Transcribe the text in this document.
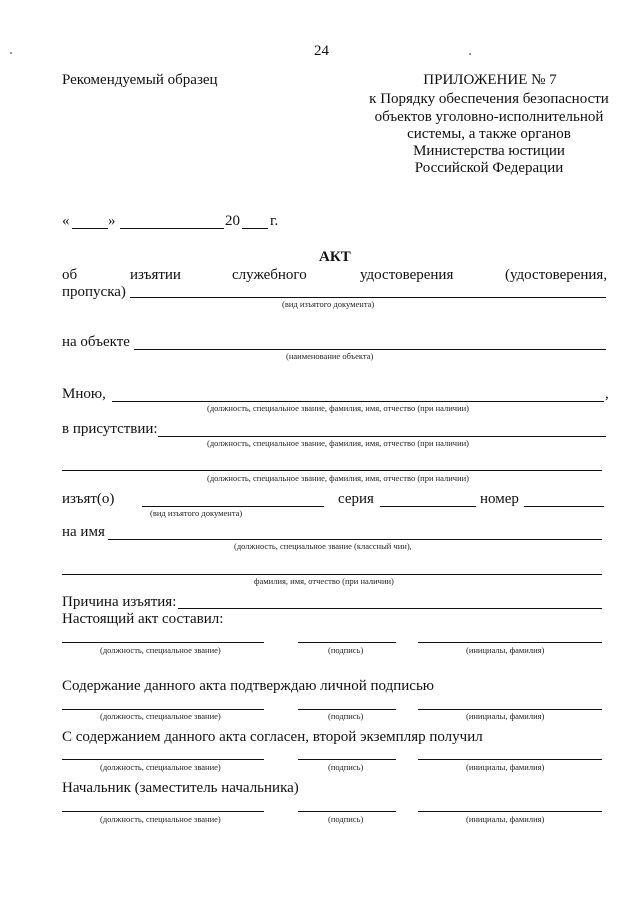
24
Рекомендуемый образец	ПРИЛОЖЕНИЕ № 7
к Порядку обеспечения безопасности
объектов уголовно-исполнительной
системы, а также органов
Министерства юстиции
Российской Федерации
«	»	20 г.
АКТ
об	изъятии	служебного	удостоверения	(удостоверения,
пропуска)
(вид изъятого документа)
на объекте
(наименование объекта)
Мною,	,
(должность, специальное звание, фамилия, имя, отчество (при наличии)
в присутствии:
(должность, специальное звание, фамилия, имя, отчество (при наличии)
(должность, специальное звание, фамилия, имя, отчество (при наличии)
изъят(о)
(вид изъятого документа)
серия	номер
на имя
(должность, специальное звание (классный чин),
фамилия, имя, отчество (при наличии)
Причина изъятия:
Настоящий акт составил:
(должность, специальное звание)	(подпись)	(инициалы, фамилия)
Содержание данного акта подтверждаю личной подписью
(должность, специальное звание)	(подпись)	(инициалы, фамилия)
С содержанием данного акта согласен, второй экземпляр получил
(должность, специальное звание)	(подпись)	(инициалы, фамилия)
Начальник (заместитель начальника)
(должность, специальное звание)	(подпись)	(инициалы, фамилия)
